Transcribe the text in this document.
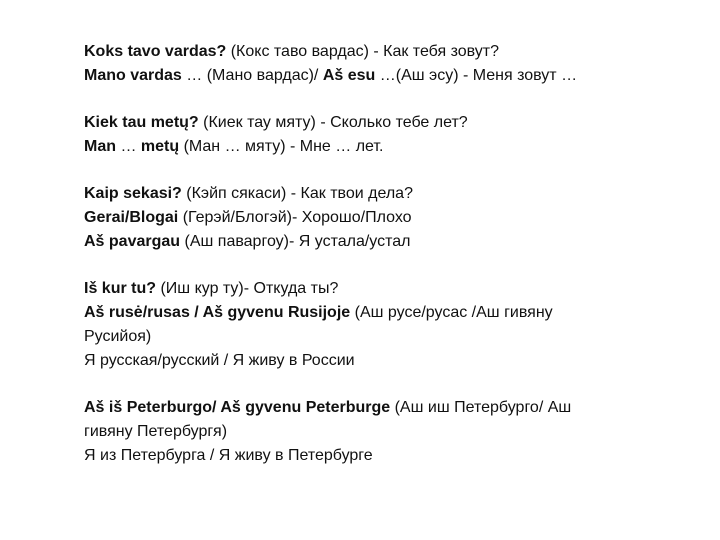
Koks tavo vardas? (Кокс таво вардас) - Как тебя зовут?
Mano vardas … (Мано вардас)/ Aš esu …(Аш эсу) - Меня зовут …
Kiek tau metų? (Киек тау мяту) - Сколько тебе лет?
Man … metų (Ман … мяту) - Мне … лет.
Kaip sekasi? (Кэйп сякаси) - Как твои дела?
Gerai/Blogai (Герэй/Блогэй)- Хорошо/Плохо
Aš pavargau (Аш паваргоу)- Я устала/устал
Iš kur tu? (Иш кур ту)- Откуда ты?
Aš rusė/rusas / Aš gyvenu Rusijoje (Аш русе/русас /Аш гивяну Русийоя)
Я русская/русский / Я живу в России
Aš iš Peterburgo/ Aš gyvenu Peterburge (Аш иш Петербурго/ Аш гивяну Петербургя)
Я из Петербурга / Я живу в Петербурге
